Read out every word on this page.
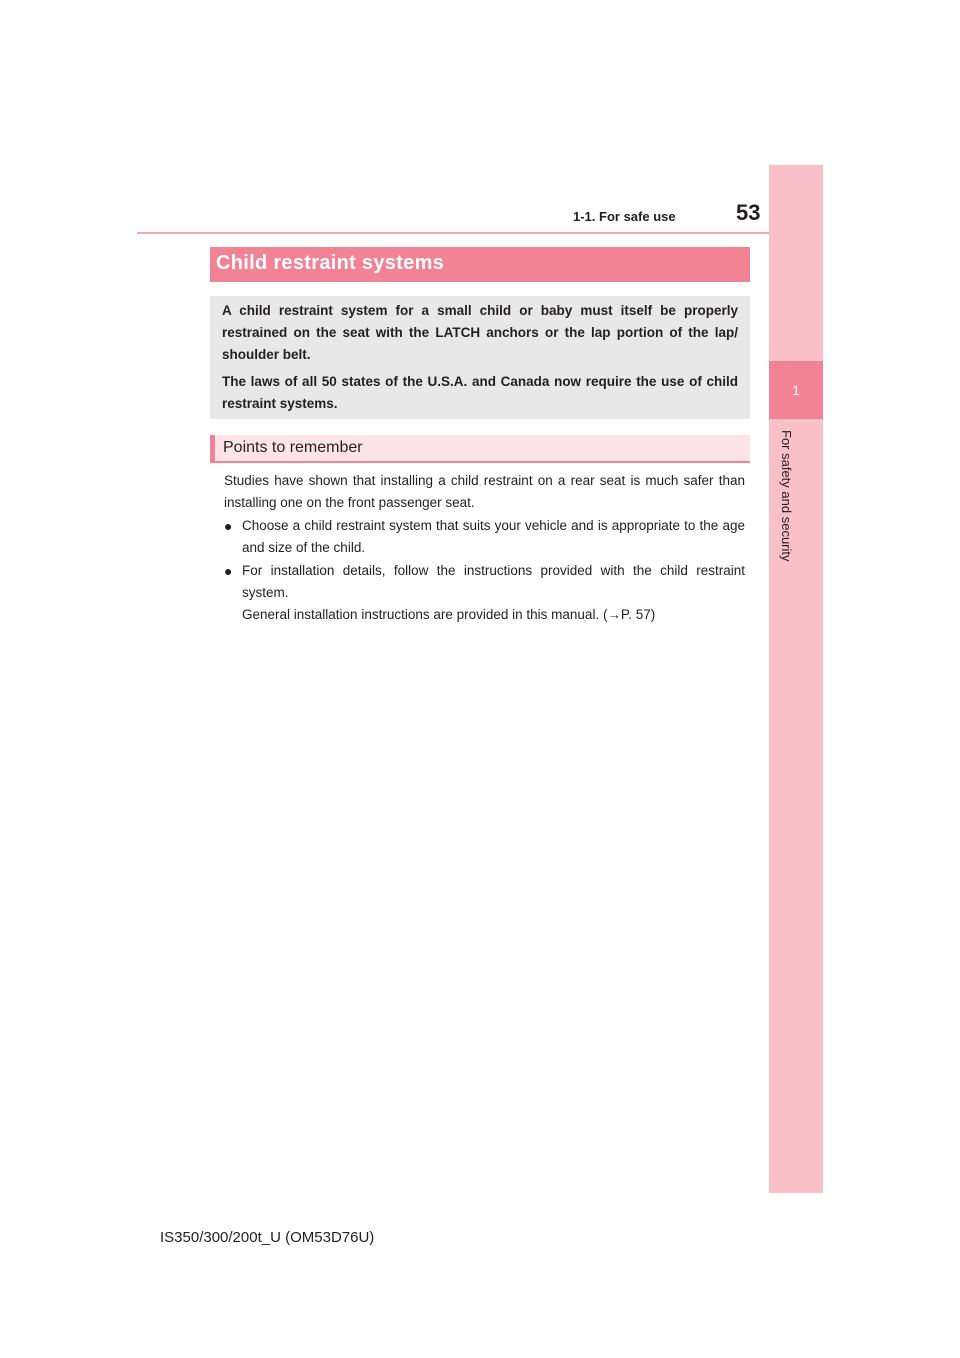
1-1. For safe use	53
1
For safety and security
Child restraint systems

A child restraint system for a small child or baby must itself be properly restrained on the seat with the LATCH anchors or the lap portion of the lap/ shoulder belt.

The laws of all 50 states of the U.S.A. and Canada now require the use of child restraint systems.

Points to remember

Studies have shown that installing a child restraint on a rear seat is much safer than installing one on the front passenger seat.

● Choose a child restraint system that suits your vehicle and is appropriate to the age and size of the child.
● For installation details, follow the instructions provided with the child restraint system.
General installation instructions are provided in this manual. (→P. 57)
IS350/300/200t_U (OM53D76U)
